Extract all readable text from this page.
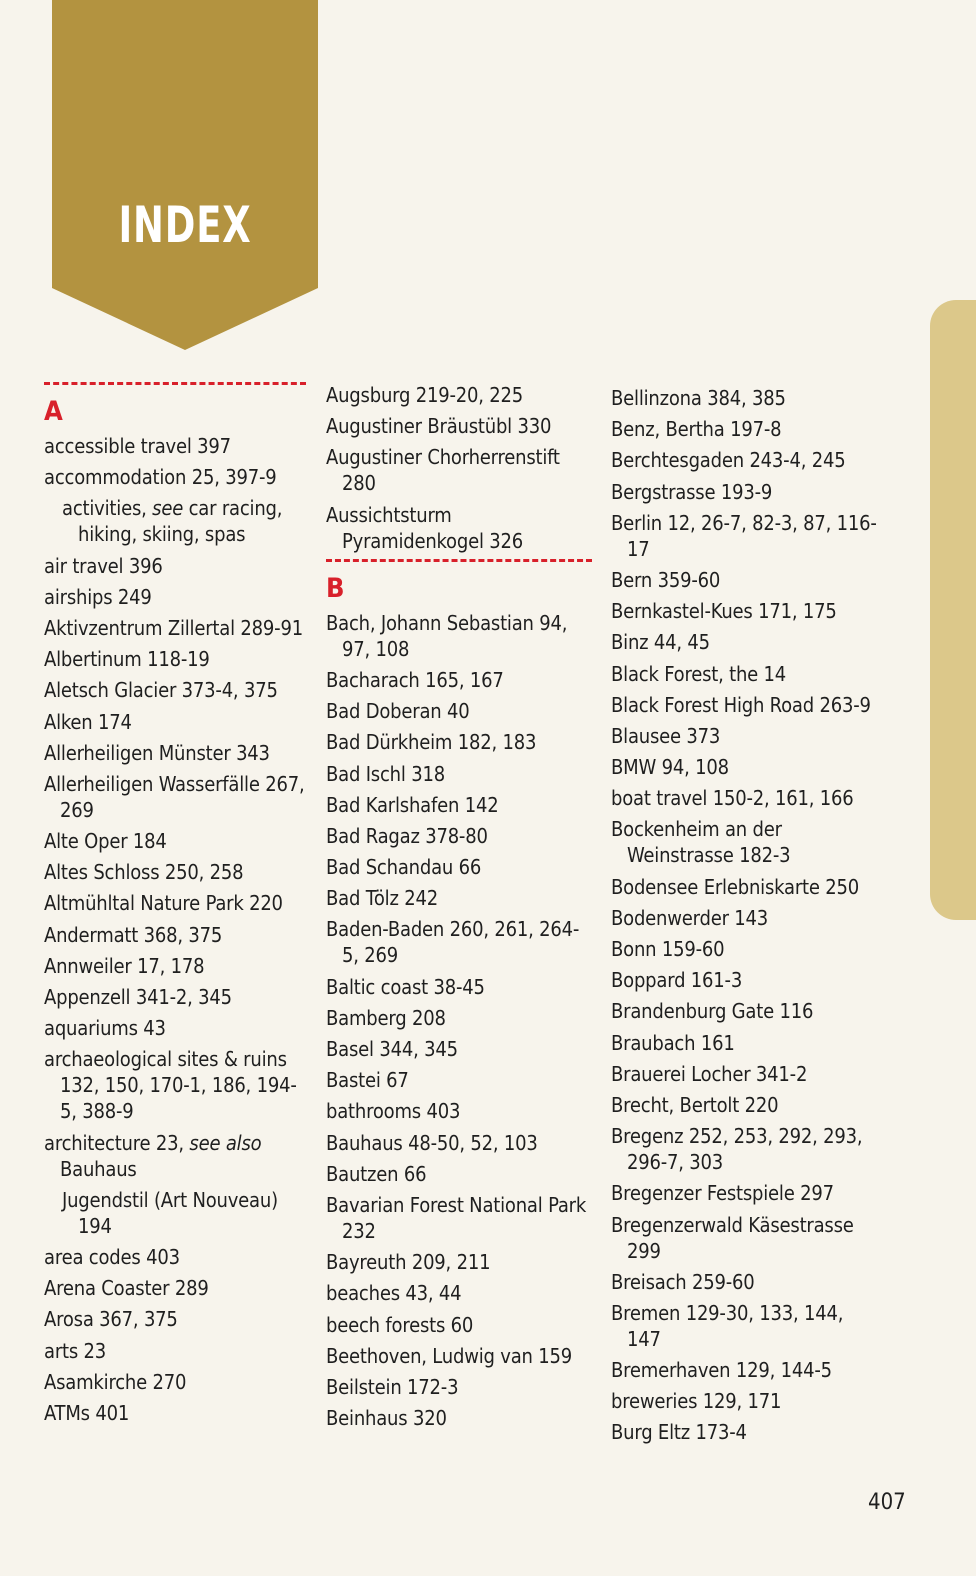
INDEX
A
accessible travel 397
accommodation 25, 397-9
activities, see car racing, hiking, skiing, spas
air travel 396
airships 249
Aktivzentrum Zillertal 289-91
Albertinum 118-19
Aletsch Glacier 373-4, 375
Alken 174
Allerheiligen Münster 343
Allerheiligen Wasserfälle 267, 269
Alte Oper 184
Altes Schloss 250, 258
Altmühltal Nature Park 220
Andermatt 368, 375
Annweiler 17, 178
Appenzell 341-2, 345
aquariums 43
archaeological sites & ruins 132, 150, 170-1, 186, 194-5, 388-9
architecture 23, see also Bauhaus
Jugendstil (Art Nouveau) 194
area codes 403
Arena Coaster 289
Arosa 367, 375
arts 23
Asamkirche 270
ATMs 401
Augsburg 219-20, 225
Augustiner Bräustübl 330
Augustiner Chorherrenstift 280
Aussichtsturm Pyramidenkogel 326
B
Bach, Johann Sebastian 94, 97, 108
Bacharach 165, 167
Bad Doberan 40
Bad Dürkheim 182, 183
Bad Ischl 318
Bad Karlshafen 142
Bad Ragaz 378-80
Bad Schandau 66
Bad Tölz 242
Baden-Baden 260, 261, 264-5, 269
Baltic coast 38-45
Bamberg 208
Basel 344, 345
Bastei 67
bathrooms 403
Bauhaus 48-50, 52, 103
Bautzen 66
Bavarian Forest National Park 232
Bayreuth 209, 211
beaches 43, 44
beech forests 60
Beethoven, Ludwig van 159
Beilstein 172-3
Beinhaus 320
Bellinzona 384, 385
Benz, Bertha 197-8
Berchtesgaden 243-4, 245
Bergstrasse 193-9
Berlin 12, 26-7, 82-3, 87, 116-17
Bern 359-60
Bernkastel-Kues 171, 175
Binz 44, 45
Black Forest, the 14
Black Forest High Road 263-9
Blausee 373
BMW 94, 108
boat travel 150-2, 161, 166
Bockenheim an der Weinstrasse 182-3
Bodensee Erlebniskarte 250
Bodenwerder 143
Bonn 159-60
Boppard 161-3
Brandenburg Gate 116
Braubach 161
Brauerei Locher 341-2
Brecht, Bertolt 220
Bregenz 252, 253, 292, 293, 296-7, 303
Bregenzer Festspiele 297
Bregenzerwald Käsestrasse 299
Breisach 259-60
Bremen 129-30, 133, 144, 147
Bremerhaven 129, 144-5
breweries 129, 171
Burg Eltz 173-4
407
